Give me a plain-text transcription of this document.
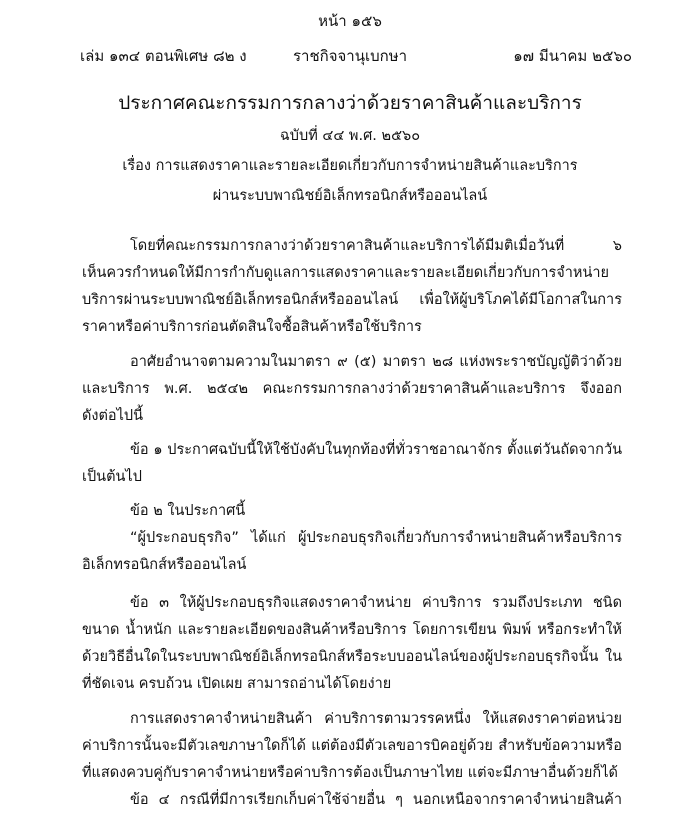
หน้า ๑๕๖
เล่ม ๑๓๔ ตอนพิเศษ ๘๒ ง	ราชกิจจานุเบกษา	๑๗ มีนาคม ๒๕๖๐
ประกาศคณะกรรมการกลางว่าด้วยราคาสินค้าและบริการ
ฉบับที่ ๔๔ พ.ศ. ๒๕๖๐
เรื่อง การแสดงราคาและรายละเอียดเกี่ยวกับการจำหน่ายสินค้าและบริการ
ผ่านระบบพาณิชย์อิเล็กทรอนิกส์หรือออนไลน์
โดยที่คณะกรรมการกลางว่าด้วยราคาสินค้าและบริการได้มีมติเมื่อวันที่ ๖
เห็นควรกำหนดให้มีการกำกับดูแลการแสดงราคาและรายละเอียดเกี่ยวกับการจำหน่าย
บริการผ่านระบบพาณิชย์อิเล็กทรอนิกส์หรือออนไลน์ เพื่อให้ผู้บริโภคได้มีโอกาสในการ
ราคาหรือค่าบริการก่อนตัดสินใจซื้อสินค้าหรือใช้บริการ
อาศัยอำนาจตามความในมาตรา ๙ (๕) มาตรา ๒๘ แห่งพระราชบัญญัติว่าด้วย
และบริการ พ.ศ. ๒๕๔๒ คณะกรรมการกลางว่าด้วยราคาสินค้าและบริการ จึงออก
ดังต่อไปนี้
ข้อ ๑ ประกาศฉบับนี้ให้ใช้บังคับในทุกท้องที่ทั่วราชอาณาจักร ตั้งแต่วันถัดจากวัน
เป็นต้นไป
ข้อ ๒ ในประกาศนี้
“ผู้ประกอบธุรกิจ” ได้แก่ ผู้ประกอบธุรกิจเกี่ยวกับการจำหน่ายสินค้าหรือบริการ
อิเล็กทรอนิกส์หรือออนไลน์
ข้อ ๓ ให้ผู้ประกอบธุรกิจแสดงราคาจำหน่าย ค่าบริการ รวมถึงประเภท ชนิด
ขนาด น้ำหนัก และรายละเอียดของสินค้าหรือบริการ โดยการเขียน พิมพ์ หรือกระทำให้
ด้วยวิธีอื่นใดในระบบพาณิชย์อิเล็กทรอนิกส์หรือระบบออนไลน์ของผู้ประกอบธุรกิจนั้น ใน
ที่ชัดเจน ครบถ้วน เปิดเผย สามารถอ่านได้โดยง่าย
การแสดงราคาจำหน่ายสินค้า ค่าบริการตามวรรคหนึ่ง ให้แสดงราคาต่อหน่วย
ค่าบริการนั้นจะมีตัวเลขภาษาใดก็ได้ แต่ต้องมีตัวเลขอารบิคอยู่ด้วย สำหรับข้อความหรือ
ที่แสดงควบคู่กับราคาจำหน่ายหรือค่าบริการต้องเป็นภาษาไทย แต่จะมีภาษาอื่นด้วยก็ได้
ข้อ ๔ กรณีที่มีการเรียกเก็บค่าใช้จ่ายอื่น ๆ นอกเหนือจากราคาจำหน่ายสินค้า
